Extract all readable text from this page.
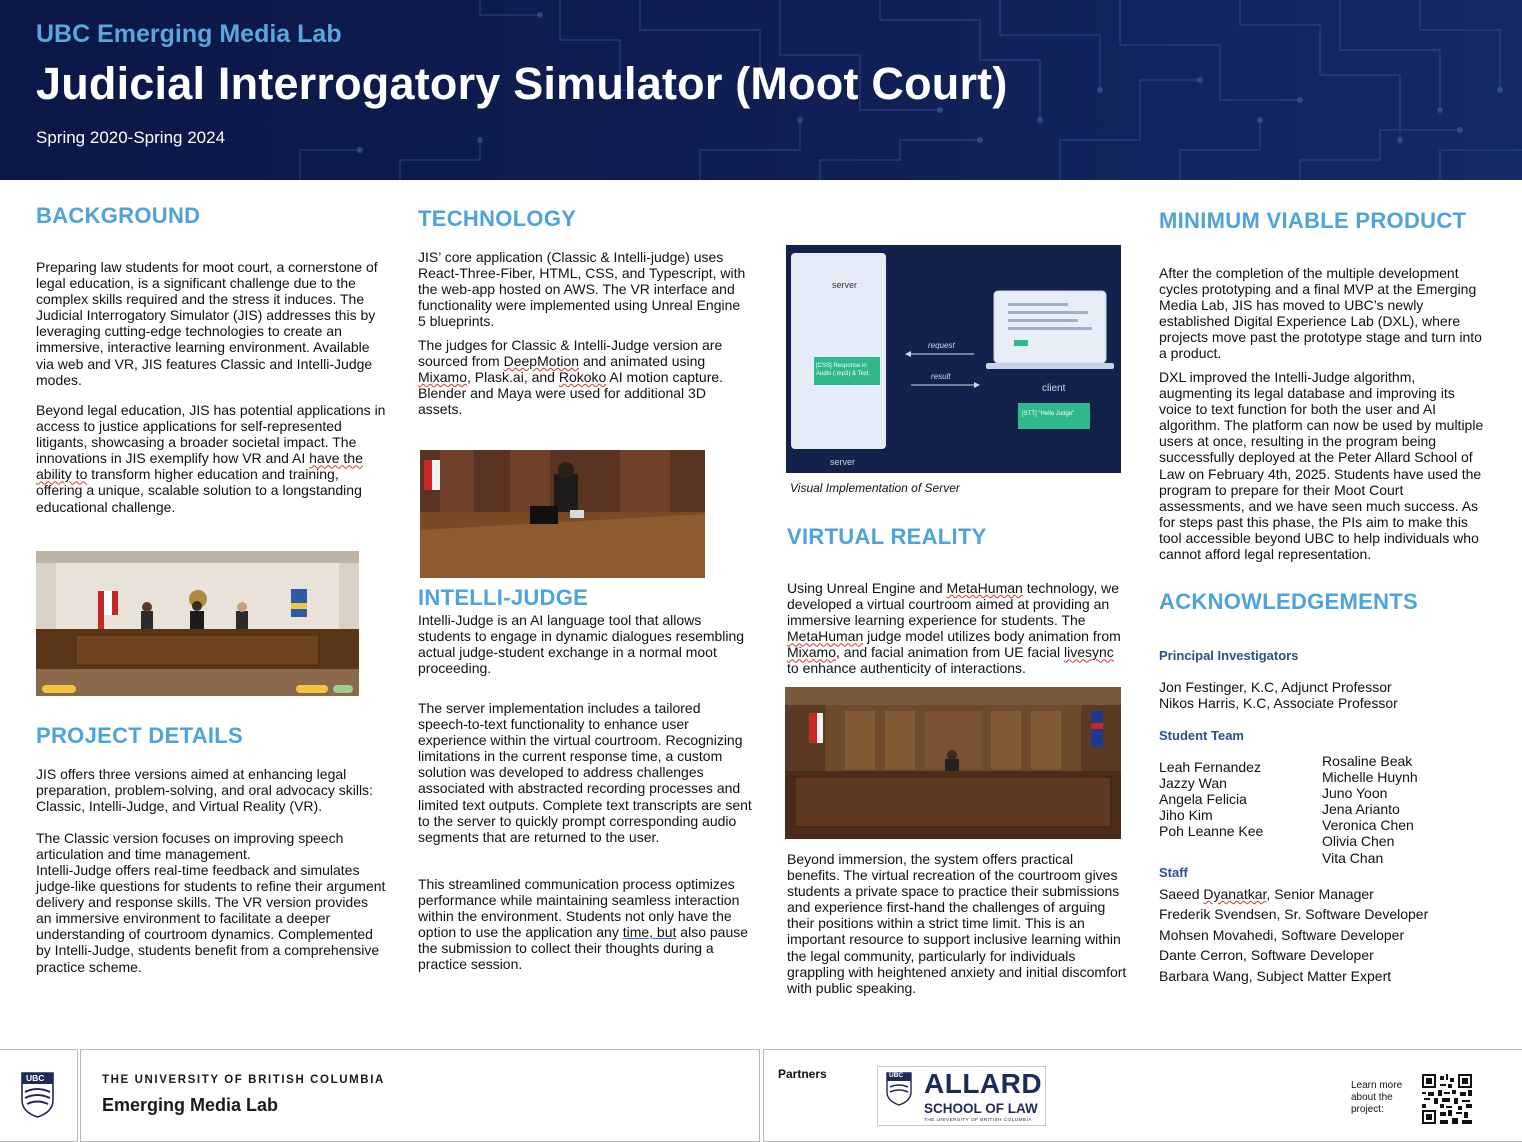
UBC Emerging Media Lab
Judicial Interrogatory Simulator (Moot Court)
Spring 2020-Spring 2024
BACKGROUND
Preparing law students for moot court, a cornerstone of legal education, is a significant challenge due to the complex skills required and the stress it induces. The Judicial Interrogatory Simulator (JIS) addresses this by leveraging cutting-edge technologies to create an immersive, interactive learning environment. Available via web and VR, JIS features Classic and Intelli-Judge modes.
Beyond legal education, JIS has potential applications in access to justice applications for self-represented litigants, showcasing a broader societal impact. The innovations in JIS exemplify how VR and AI have the ability to transform higher education and training, offering a unique, scalable solution to a longstanding educational challenge.
PROJECT DETAILS
JIS offers three versions aimed at enhancing legal preparation, problem-solving, and oral advocacy skills: Classic, Intelli-Judge, and Virtual Reality (VR).
The Classic version focuses on improving speech articulation and time management.
Intelli-Judge offers real-time feedback and simulates judge-like questions for students to refine their argument delivery and response skills. The VR version provides an immersive environment to facilitate a deeper understanding of courtroom dynamics. Complemented by Intelli-Judge, students benefit from a comprehensive practice scheme.
TECHNOLOGY
JIS’ core application (Classic & Intelli-judge) uses React-Three-Fiber, HTML, CSS, and Typescript, with the web-app hosted on AWS. The VR interface and functionality were implemented using Unreal Engine 5 blueprints.
The judges for Classic & Intelli-Judge version are sourced from DeepMotion and animated using Mixamo, Plask.ai, and Rokoko AI motion capture. Blender and Maya were used for additional 3D assets.
INTELLI-JUDGE
Intelli-Judge is an AI language tool that allows students to engage in dynamic dialogues resembling actual judge-student exchange in a normal moot proceeding.
The server implementation includes a tailored speech-to-text functionality to enhance user experience within the virtual courtroom. Recognizing limitations in the current response time, a custom solution was developed to address challenges associated with abstracted recording processes and limited text outputs. Complete text transcripts are sent to the server to quickly prompt corresponding audio segments that are returned to the user.
This streamlined communication process optimizes performance while maintaining seamless interaction within the environment. Students not only have the option to use the application any time, but also pause the submission to collect their thoughts during a practice session.
server
server
[CSS] Response in Audio (.mp3) & Text
request
result
client
[STT] "Hello Judge"
Visual Implementation of Server
VIRTUAL REALITY
Using Unreal Engine and MetaHuman technology, we developed a virtual courtroom aimed at providing an immersive learning experience for students. The MetaHuman judge model utilizes body animation from Mixamo, and facial animation from UE facial livesync to enhance authenticity of interactions.
Beyond immersion, the system offers practical benefits. The virtual recreation of the courtroom gives students a private space to practice their submissions and experience first-hand the challenges of arguing their positions within a strict time limit. This is an important resource to support inclusive learning within the legal community, particularly for individuals grappling with heightened anxiety and initial discomfort with public speaking.
MINIMUM VIABLE PRODUCT
After the completion of the multiple development cycles prototyping and a final MVP at the Emerging Media Lab, JIS has moved to UBC’s newly established Digital Experience Lab (DXL), where projects move past the prototype stage and turn into a product.
DXL improved the Intelli-Judge algorithm, augmenting its legal database and improving its voice to text function for both the user and AI algorithm. The platform can now be used by multiple users at once, resulting in the program being successfully deployed at the Peter Allard School of Law on February 4th, 2025. Students have used the program to prepare for their Moot Court assessments, and we have seen much success. As for steps past this phase, the PIs aim to make this tool accessible beyond UBC to help individuals who cannot afford legal representation.
ACKNOWLEDGEMENTS
Principal Investigators
Jon Festinger, K.C, Adjunct Professor
Nikos Harris, K.C, Associate Professor
Student Team
Leah Fernandez
Jazzy Wan
Angela Felicia
Jiho Kim
Poh Leanne Kee
Rosaline Beak
Michelle Huynh
Juno Yoon
Jena Arianto
Veronica Chen
Olivia Chen
Vita Chan
Staff
Saeed Dyanatkar, Senior Manager
Frederik Svendsen, Sr. Software Developer
Mohsen Movahedi, Software Developer
Dante Cerron, Software Developer
Barbara Wang, Subject Matter Expert
UBC	THE UNIVERSITY OF BRITISH COLUMBIA
Emerging Media Lab
Partners	UBC ALLARD
SCHOOL OF LAW
THE UNIVERSITY OF BRITISH COLUMBIA
Learn more about the project:
